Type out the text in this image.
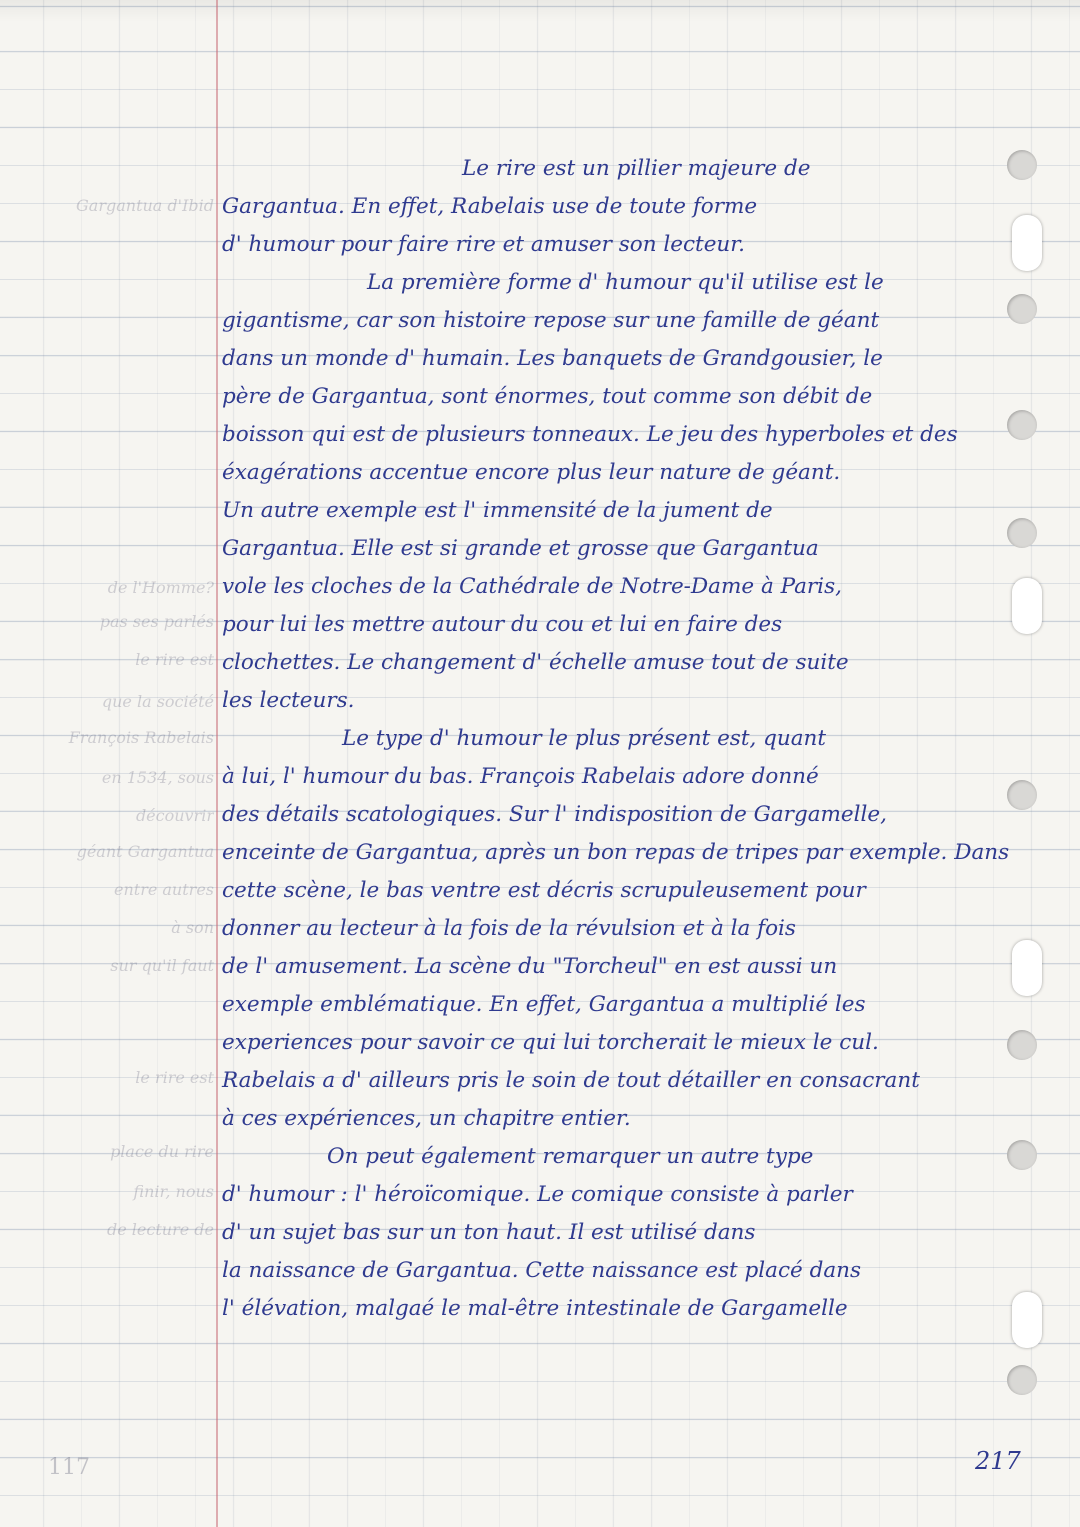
Gargantua d'Ibid
de l'Homme?
pas ses parlés
le rire est
que la société
François Rabelais
en 1534, sous
découvrir
géant Gargantua
entre autres
à son
sur qu'il faut
le rire est
place du rire
finir, nous
de lecture de
Le rire est un pillier majeure de
Gargantua. En effet, Rabelais use de toute forme
d' humour pour faire rire et amuser son lecteur.
La première forme d' humour qu'il utilise est le
gigantisme, car son histoire repose sur une famille de géant
dans un monde d' humain. Les banquets de Grandgousier, le
père de Gargantua, sont énormes, tout comme son débit de
boisson qui est de plusieurs tonneaux. Le jeu des hyperboles et des
éxagérations accentue encore plus leur nature de géant.
Un autre exemple est l' immensité de la jument de
Gargantua. Elle est si grande et grosse que Gargantua
vole les cloches de la Cathédrale de Notre-Dame à Paris,
pour lui les mettre autour du cou et lui en faire des
clochettes. Le changement d' échelle amuse tout de suite
les lecteurs.
Le type d' humour le plus présent est, quant
à lui, l' humour du bas. François Rabelais adore donné
des détails scatologiques. Sur l' indisposition de Gargamelle,
enceinte de Gargantua, après un bon repas de tripes par exemple. Dans
cette scène, le bas ventre est décris scrupuleusement pour
donner au lecteur à la fois de la révulsion et à la fois
de l' amusement. La scène du "Torcheul" en est aussi un
exemple emblématique. En effet, Gargantua a multiplié les
experiences pour savoir ce qui lui torcherait le mieux le cul.
Rabelais a d' ailleurs pris le soin de tout détailler en consacrant
à ces expériences, un chapitre entier.
On peut également remarquer un autre type
d' humour : l' héroïcomique. Le comique consiste à parler
d' un sujet bas sur un ton haut. Il est utilisé dans
la naissance de Gargantua. Cette naissance est placé dans
l' élévation, malgaé le mal-être intestinale de Gargamelle
217
117
